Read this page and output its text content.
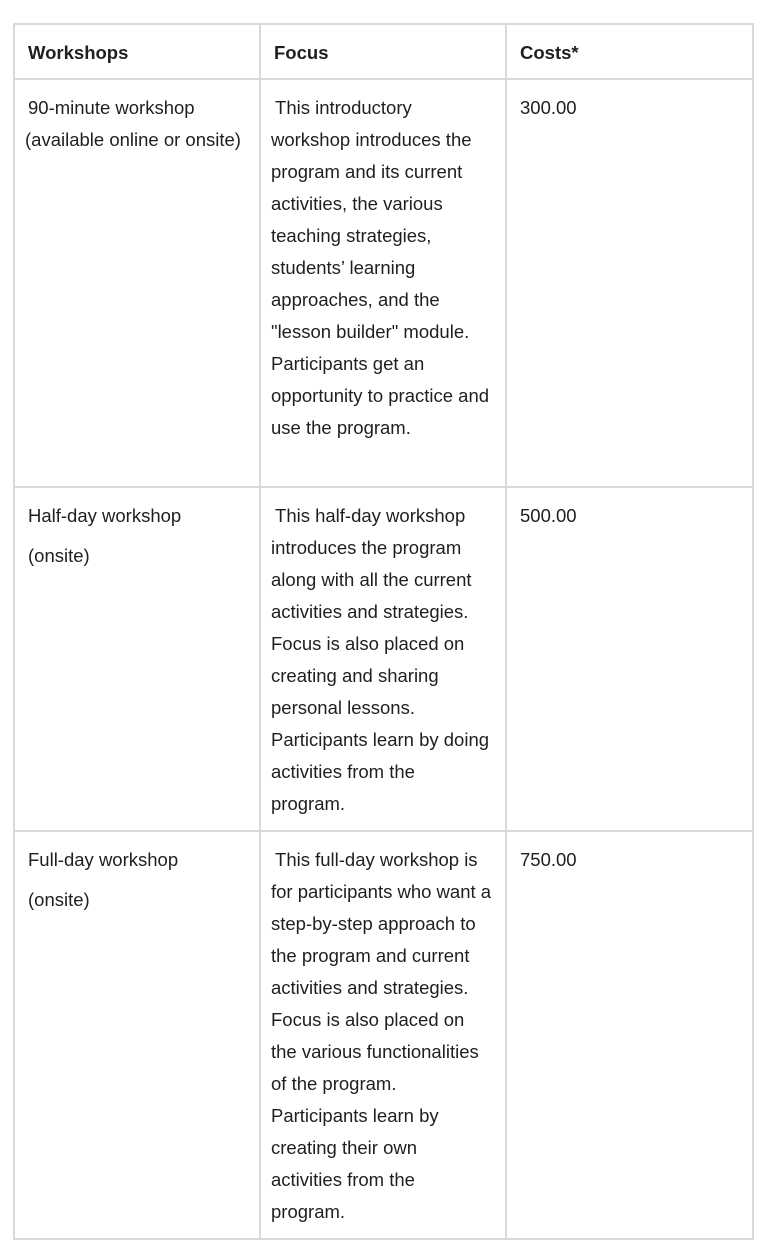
Workshops	Focus	Costs*

90-minute workshop
(available online or onsite)	This introductory workshop introduces the program and its current activities, the various teaching strategies, students’ learning approaches, and the "lesson builder" module. Participants get an opportunity to practice and use the program.	300.00

Half-day workshop
(onsite)	This half-day workshop introduces the program along with all the current activities and strategies. Focus is also placed on creating and sharing personal lessons. Participants learn by doing activities from the program.	500.00

Full-day workshop
(onsite)	This full-day workshop is for participants who want a step-by-step approach to the program and current activities and strategies. Focus is also placed on the various functionalities of the program. Participants learn by creating their own activities from the program.	750.00
